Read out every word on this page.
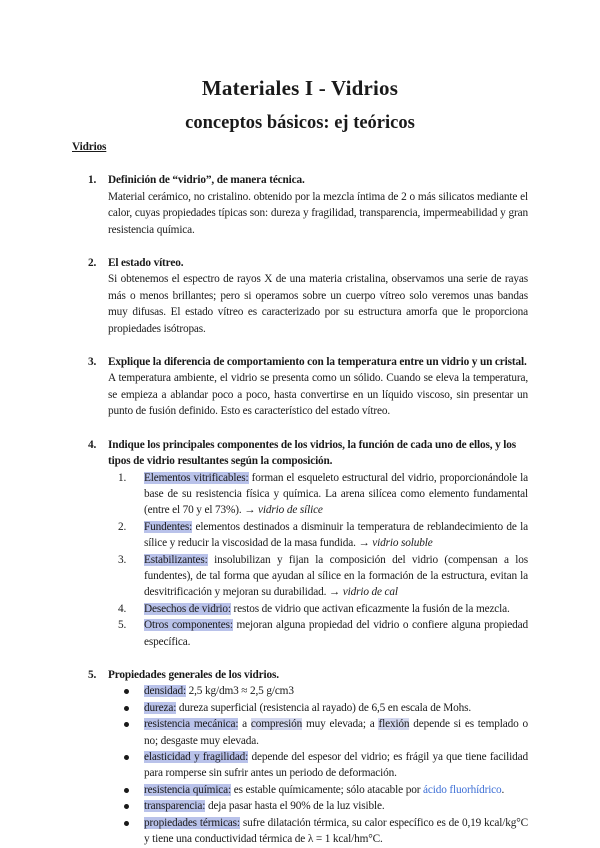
Materiales I - Vidrios
conceptos básicos: ej teóricos
Vidrios
1. Definición de “vidrio”, de manera técnica.
Material cerámico, no cristalino. obtenido por la mezcla íntima de 2 o más silicatos mediante el calor, cuyas propiedades típicas son: dureza y fragilidad, transparencia, impermeabilidad y gran resistencia química.
2. El estado vítreo.
Si obtenemos el espectro de rayos X de una materia cristalina, observamos una serie de rayas más o menos brillantes; pero si operamos sobre un cuerpo vítreo solo veremos unas bandas muy difusas. El estado vítreo es caracterizado por su estructura amorfa que le proporciona propiedades isótropas.
3. Explique la diferencia de comportamiento con la temperatura entre un vidrio y un cristal.
A temperatura ambiente, el vidrio se presenta como un sólido. Cuando se eleva la temperatura, se empieza a ablandar poco a poco, hasta convertirse en un líquido viscoso, sin presentar un punto de fusión definido. Esto es característico del estado vítreo.
4. Indique los principales componentes de los vidrios, la función de cada uno de ellos, y los tipos de vidrio resultantes según la composición.
1. Elementos vitrificables: forman el esqueleto estructural del vidrio, proporcionándole la base de su resistencia física y química. La arena silícea como elemento fundamental (entre el 70 y el 73%). → vidrio de sílice
2. Fundentes: elementos destinados a disminuir la temperatura de reblandecimiento de la sílice y reducir la viscosidad de la masa fundida. → vidrio soluble
3. Estabilizantes: insolubilizan y fijan la composición del vidrio (compensan a los fundentes), de tal forma que ayudan al sílice en la formación de la estructura, evitan la desvitrificación y mejoran su durabilidad. → vidrio de cal
4. Desechos de vidrio: restos de vidrio que activan eficazmente la fusión de la mezcla.
5. Otros componentes: mejoran alguna propiedad del vidrio o confiere alguna propiedad específica.
5. Propiedades generales de los vidrios.
densidad: 2,5 kg/dm3 ≈ 2,5 g/cm3
dureza: dureza superficial (resistencia al rayado) de 6,5 en escala de Mohs.
resistencia mecánica: a compresión muy elevada; a flexión depende si es templado o no; desgaste muy elevada.
elasticidad y fragilidad: depende del espesor del vidrio; es frágil ya que tiene facilidad para romperse sin sufrir antes un periodo de deformación.
resistencia química: es estable químicamente; sólo atacable por ácido fluorhídrico.
transparencia: deja pasar hasta el 90% de la luz visible.
propiedades térmicas: sufre dilatación térmica, su calor específico es de 0,19 kcal/kg°C y tiene una conductividad térmica de λ = 1 kcal/hm°C.
